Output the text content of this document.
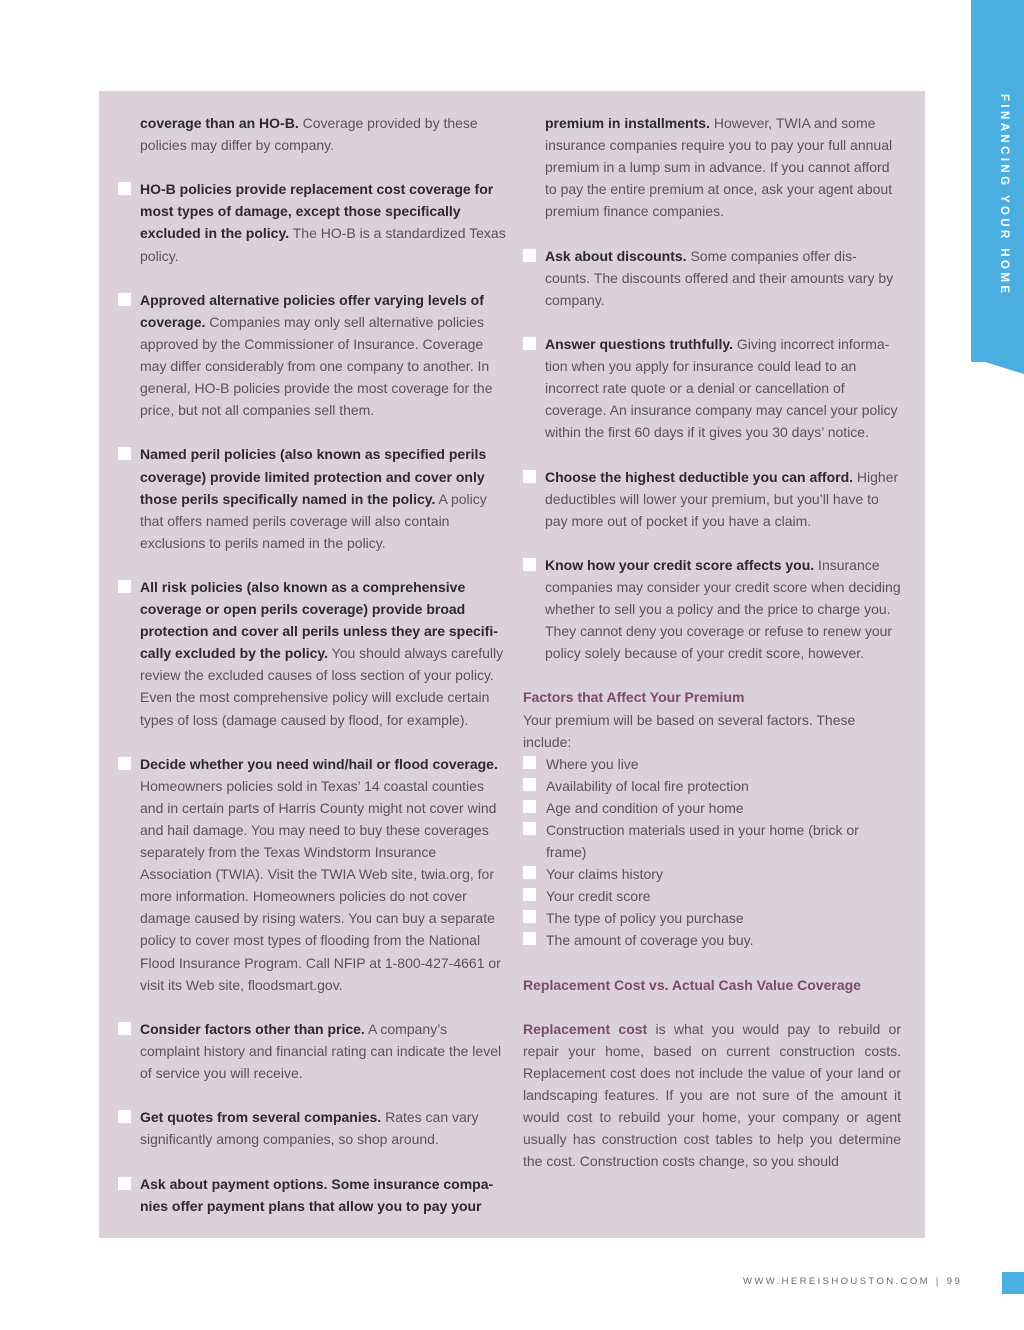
FINANCING YOUR HOME
coverage than an HO-B. Coverage provided by these policies may differ by company.
HO-B policies provide replacement cost coverage for most types of damage, except those specifically excluded in the policy. The HO-B is a standardized Texas policy.
Approved alternative policies offer varying levels of coverage. Companies may only sell alternative policies approved by the Commissioner of Insurance. Coverage may differ considerably from one company to another. In general, HO-B policies provide the most coverage for the price, but not all companies sell them.
Named peril policies (also known as specified perils coverage) provide limited protection and cover only those perils specifically named in the policy. A policy that offers named perils coverage will also contain exclusions to perils named in the policy.
All risk policies (also known as a comprehensive coverage or open perils coverage) provide broad protection and cover all perils unless they are specifi-cally excluded by the policy. You should always carefully review the excluded causes of loss section of your policy. Even the most comprehensive policy will exclude certain types of loss (damage caused by flood, for example).
Decide whether you need wind/hail or flood coverage. Homeowners policies sold in Texas’ 14 coastal counties and in certain parts of Harris County might not cover wind and hail damage. You may need to buy these coverages separately from the Texas Windstorm Insurance Association (TWIA). Visit the TWIA Web site, twia.org, for more information. Homeowners policies do not cover damage caused by rising waters. You can buy a separate policy to cover most types of flooding from the National Flood Insurance Program. Call NFIP at 1-800-427-4661 or visit its Web site, floodsmart.gov.
Consider factors other than price. A company’s complaint history and financial rating can indicate the level of service you will receive.
Get quotes from several companies. Rates can vary significantly among companies, so shop around.
Ask about payment options. Some insurance compa-nies offer payment plans that allow you to pay your
premium in installments. However, TWIA and some insurance companies require you to pay your full annual premium in a lump sum in advance. If you cannot afford to pay the entire premium at once, ask your agent about premium finance companies.
Ask about discounts. Some companies offer dis-counts. The discounts offered and their amounts vary by company.
Answer questions truthfully. Giving incorrect informa-tion when you apply for insurance could lead to an incorrect rate quote or a denial or cancellation of coverage. An insurance company may cancel your policy within the first 60 days if it gives you 30 days’ notice.
Choose the highest deductible you can afford. Higher deductibles will lower your premium, but you’ll have to pay more out of pocket if you have a claim.
Know how your credit score affects you. Insurance companies may consider your credit score when deciding whether to sell you a policy and the price to charge you. They cannot deny you coverage or refuse to renew your policy solely because of your credit score, however.

Factors that Affect Your Premium

Your premium will be based on several factors. These include:

Where you live
Availability of local fire protection
Age and condition of your home
Construction materials used in your home (brick or frame)
Your claims history
Your credit score
The type of policy you purchase
The amount of coverage you buy.

Replacement Cost vs. Actual Cash Value Coverage

Replacement cost is what you would pay to rebuild or repair your home, based on current construction costs. Replacement cost does not include the value of your land or landscaping features. If you are not sure of the amount it would cost to rebuild your home, your company or agent usually has construction cost tables to help you determine the cost. Construction costs change, so you should

WWW.HEREISHOUSTON.COM | 99
